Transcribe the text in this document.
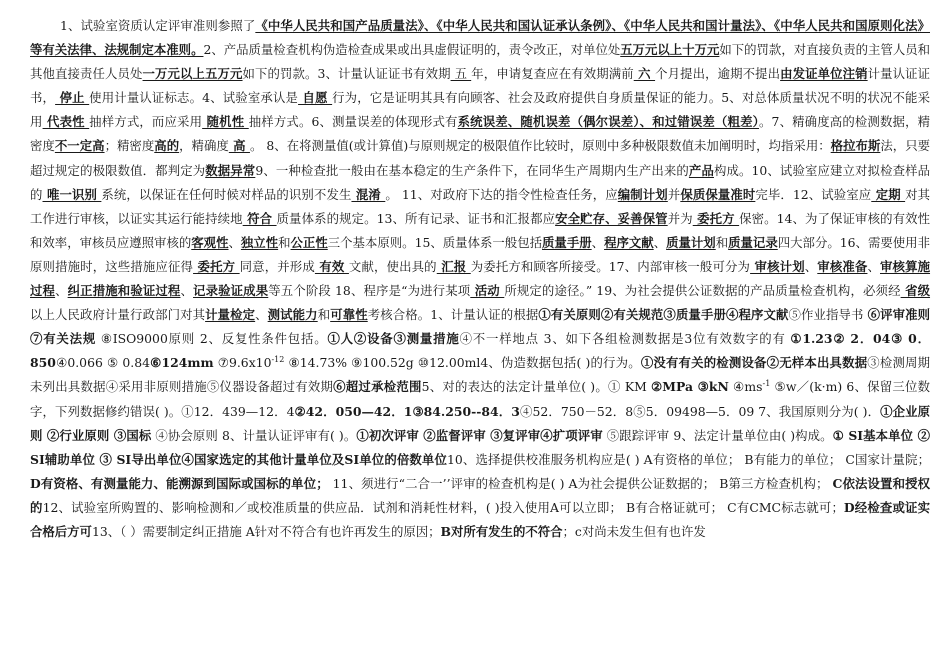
1、试验室资质认定评审准则参照了《中华人民共和国产品质量法》、《中华人民共和国认证承认条例》、《中华人民共和国计量法》、《中华人民共和国原则化法》等有关法律、法规制定本准则。2、产品质量检查机构伪造检查成果或出具虚假证明的，责令改正，对单位处五万元以上十万元如下的罚款，对直接负责的主管人员和其他直接责任人员处一万元以上五万元如下的罚款。3、计量认证证书有效期 五 年，申请复查应在有效期满前 六 个月提出，逾期不提出由发证单位注销计量认证证书， 停止 使用计量认证标志。4、试验室承认是 自愿 行为，它是证明其具有向顾客、社会及政府提供自身质量保证的能力。5、对总体质量状况不明的状况不能采用 代表性 抽样方式，而应采用 随机性 抽样方式。6、测量误差的体现形式有系统误差、随机误差（偶尔误差）、和过错误差（粗差）。7、精确度高的检测数据，精密度不一定高；精密度高的，精确度 高 。 8、在将测量值(或计算值)与原则规定的极限值作比较时，原则中多种极限数值未加阐明时，均指采用：格拉布斯法，只要超过规定的极限数值．都判定为数据异常9、一种检查批一般由在基本稳定的生产条件下，在同华生产周期内生产出来的产品构成。10、试验室应建立对拟检查样品的 唯一识别 系统，以保证在任何时候对样品的识别不发生 混淆 。 11、对政府下达的指令性检查任务，应编制计划并保质保量准时完毕．12、试验室应 定期 对其工作进行审核，以证实其运行能持续地 符合 质量体系的规定。13、所有记录、证书和汇报都应安全贮存、妥善保管并为 委托方 保密。14、为了保证审核的有效性和效率，审核员应遵照审核的客观性、独立性和公正性三个基本原则。15、质量体系一般包括质量手册、程序文献、质量计划和质量记录四大部分。16、需要使用非原则措施时，这些措施应征得 委托方 同意，并形成 有效 文献，使出具的 汇报 为委托方和顾客所接受。17、内部审核一般可分为 审核计划、审核准备、审核算施过程、纠正措施和验证过程、记录验证成果等五个阶段 18、程序是“为进行某项 活动 所规定的途径。” 19、为社会提供公证数据的产品质量检查机构，必须经 省级 以上人民政府计量行政部门对其计量检定、测试能力和可靠性考核合格。1、计量认证的根据①有关原则②有关规范③质量手册④程序文献⑤作业指导书 ⑥评审准则 ⑦有关法规 ⑧ISO9000原则 2、反复性条件包括。①人②设备③测量措施④不一样地点 3、如下各组检测数据是3位有效数字的有 ①1.23② 2．04③ 0．850④0.066 ⑤ 0.84⑥124mm $⑦9.6x10^{-12}$ ⑧14.73% ⑨100.52g ⑩12.00ml4、伪造数据包括( )的行为。①没有有关的检测设备②无样本出具数据③检测周期未列出具数据④采用非原则措施⑤仪器设备超过有效期⑥超过承检范围5、对的表达的法定计量单位( )。① KM ②MPa ③kN $④ms^{-1}$ ⑤w／(k·m) 6、保留三位数字，下列数据修约错误( )。①12．439—12．4②42．050—42．1③84.250--84．3④52．750－52．8⑤5．09498—5．09 7、我国原则分为( )．①企业原则 ②行业原则 ③国标 ④协会原则 8、计量认证评审有( )。①初次评审 ②监督评审 ③复评审④扩项评审 ⑤跟踪评审 9、法定计量单位由( )构成。① SI基本单位 ② SI辅助单位 ③ SI导出单位④国家选定的其他计量单位及SI单位的倍数单位10、选择提供校准服务机构应是( ) A有资格的单位； B有能力的单位； C国家计量院； D有资格、有测量能力、能溯源到国际或国标的单位； 11、须进行“二合一’’评审的检查机构是( ) A为社会提供公证数据的； B第三方检查机构； C依法设置和授权的12、试验室所购置的、影响检测和／或校准质量的供应品．试剂和消耗性材料，( )投入使用A可以立即； B有合格证就可； C有CMC标志就可；D经检查或证实合格后方可13、（ ）需要制定纠正措施 A针对不符合有也许再发生的原因；B对所有发生的不符合；c对尚未发生但有也许发
